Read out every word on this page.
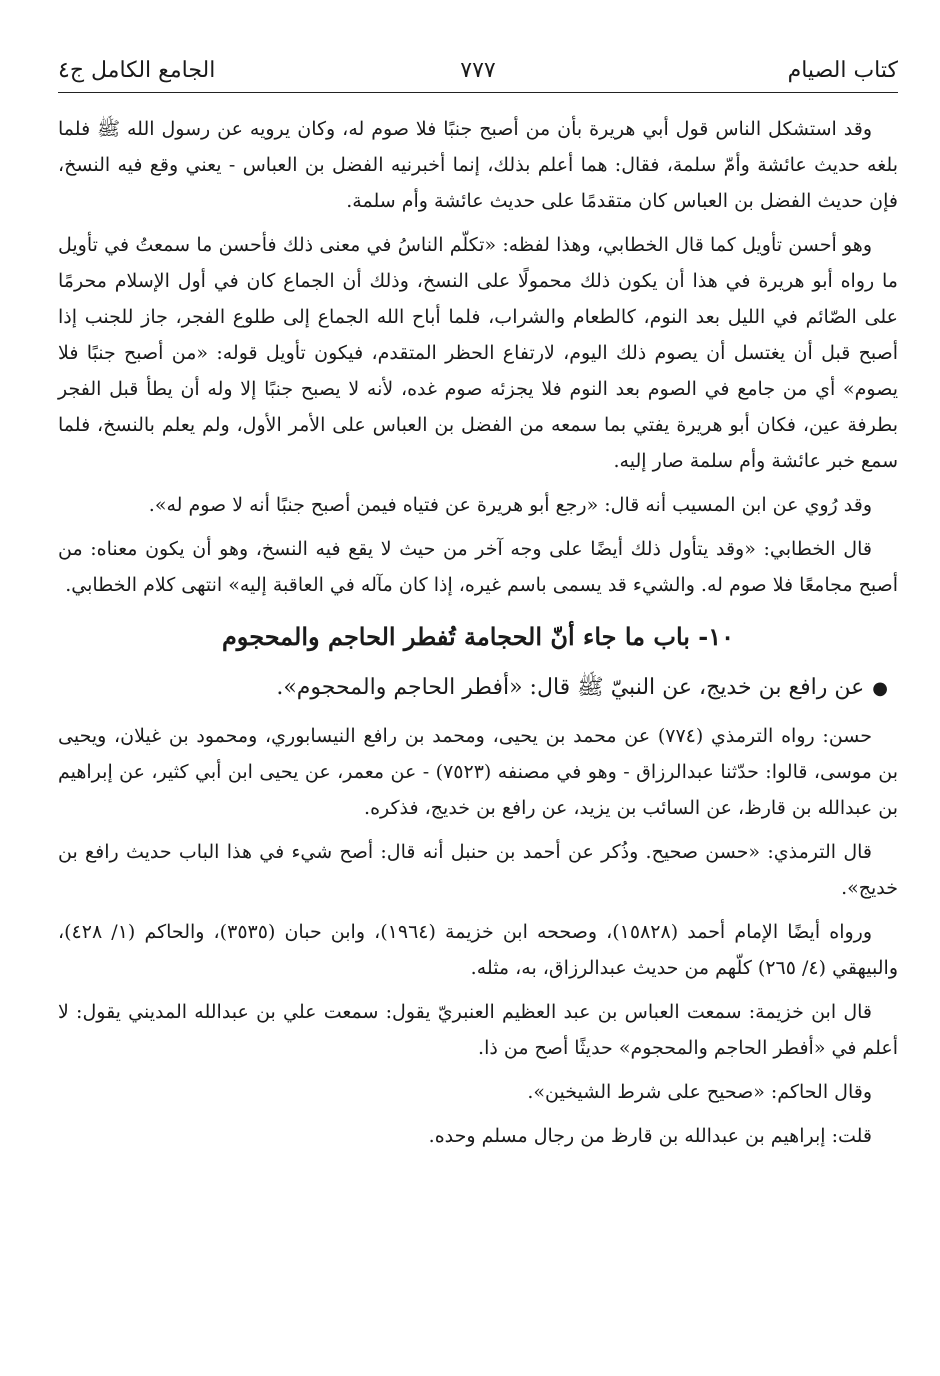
كتاب الصيام
٧٧٧
الجامع الكامل ج٤

وقد استشكل الناس قول أبي هريرة بأن من أصبح جنبًا فلا صوم له، وكان يرويه عن رسول الله ﷺ فلما بلغه حديث عائشة وأمّ سلمة، فقال: هما أعلم بذلك، إنما أخبرنيه الفضل بن العباس - يعني وقع فيه النسخ، فإن حديث الفضل بن العباس كان متقدمًا على حديث عائشة وأم سلمة.

وهو أحسن تأويل كما قال الخطابي، وهذا لفظه: «تكلّم الناسُ في معنى ذلك فأحسن ما سمعتُ في تأويل ما رواه أبو هريرة في هذا أن يكون ذلك محمولًا على النسخ، وذلك أن الجماع كان في أول الإسلام محرمًا على الصّائم في الليل بعد النوم، كالطعام والشراب، فلما أباح الله الجماع إلى طلوع الفجر، جاز للجنب إذا أصبح قبل أن يغتسل أن يصوم ذلك اليوم، لارتفاع الحظر المتقدم، فيكون تأويل قوله: «من أصبح جنبًا فلا يصوم» أي من جامع في الصوم بعد النوم فلا يجزئه صوم غده، لأنه لا يصبح جنبًا إلا وله أن يطأ قبل الفجر بطرفة عين، فكان أبو هريرة يفتي بما سمعه من الفضل بن العباس على الأمر الأول، ولم يعلم بالنسخ، فلما سمع خبر عائشة وأم سلمة صار إليه.

وقد رُوي عن ابن المسيب أنه قال: «رجع أبو هريرة عن فتياه فيمن أصبح جنبًا أنه لا صوم له».

قال الخطابي: «وقد يتأول ذلك أيضًا على وجه آخر من حيث لا يقع فيه النسخ، وهو أن يكون معناه: من أصبح مجامعًا فلا صوم له. والشيء قد يسمى باسم غيره، إذا كان مآله في العاقبة إليه» انتهى كلام الخطابي.

١٠- باب ما جاء أنّ الحجامة تُفطر الحاجم والمحجوم

●عن رافع بن خديج، عن النبيّ ﷺ قال: «أفطر الحاجم والمحجوم».

حسن: رواه الترمذي (٧٧٤) عن محمد بن يحيى، ومحمد بن رافع النيسابوري، ومحمود بن غيلان، ويحيى بن موسى، قالوا: حدّثنا عبدالرزاق - وهو في مصنفه (٧٥٢٣) - عن معمر، عن يحيى ابن أبي كثير، عن إبراهيم بن عبدالله بن قارظ، عن السائب بن يزيد، عن رافع بن خديج، فذكره.

قال الترمذي: «حسن صحيح. وذُكر عن أحمد بن حنبل أنه قال: أصح شيء في هذا الباب حديث رافع بن خديج».

ورواه أيضًا الإمام أحمد (١٥٨٢٨)، وصححه ابن خزيمة (١٩٦٤)، وابن حبان (٣٥٣٥)، والحاكم (١/ ٤٢٨)، والبيهقي (٤/ ٢٦٥) كلّهم من حديث عبدالرزاق، به، مثله.

قال ابن خزيمة: سمعت العباس بن عبد العظيم العنبريّ يقول: سمعت علي بن عبدالله المديني يقول: لا أعلم في «أفطر الحاجم والمحجوم» حديثًا أصح من ذا.

وقال الحاكم: «صحيح على شرط الشيخين».

قلت: إبراهيم بن عبدالله بن قارظ من رجال مسلم وحده.
